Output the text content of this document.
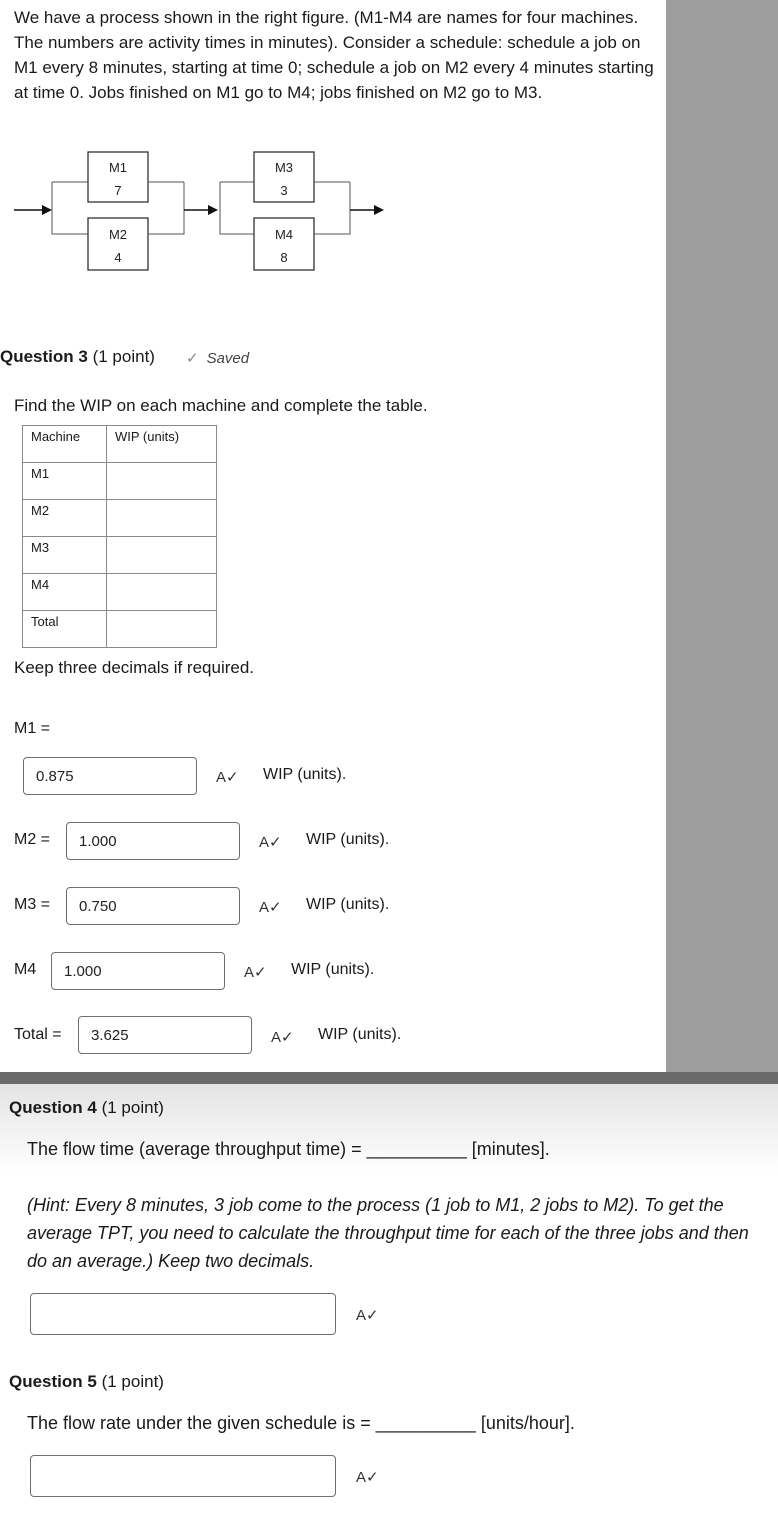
We have a process shown in the right figure. (M1-M4 are names for four machines. The numbers are activity times in minutes). Consider a schedule: schedule a job on M1 every 8 minutes, starting at time 0; schedule a job on M2 every 4 minutes starting at time 0. Jobs finished on M1 go to M4; jobs finished on M2 go to M3.
M1
7
M2
4
M3
3
M4
8
Question 3 (1 point) ✓ Saved
Find the WIP on each machine and complete the table.
Machine	WIP (units)
M1	
M2	
M3	
M4	
Total	
Keep three decimals if required.
M1 =
0.875	A✓ WIP (units).
M2 =	1.000	A✓ WIP (units).
M3 =	0.750	A✓ WIP (units).
M4	1.000	A✓ WIP (units).
Total =	3.625	A✓ WIP (units).
Question 4 (1 point)
The flow time (average throughput time) = __________ [minutes].
(Hint: Every 8 minutes, 3 job come to the process (1 job to M1, 2 jobs to M2). To get the average TPT, you need to calculate the throughput time for each of the three jobs and then do an average.) Keep two decimals.
A✓
Question 5 (1 point)
The flow rate under the given schedule is = __________ [units/hour].
A✓
